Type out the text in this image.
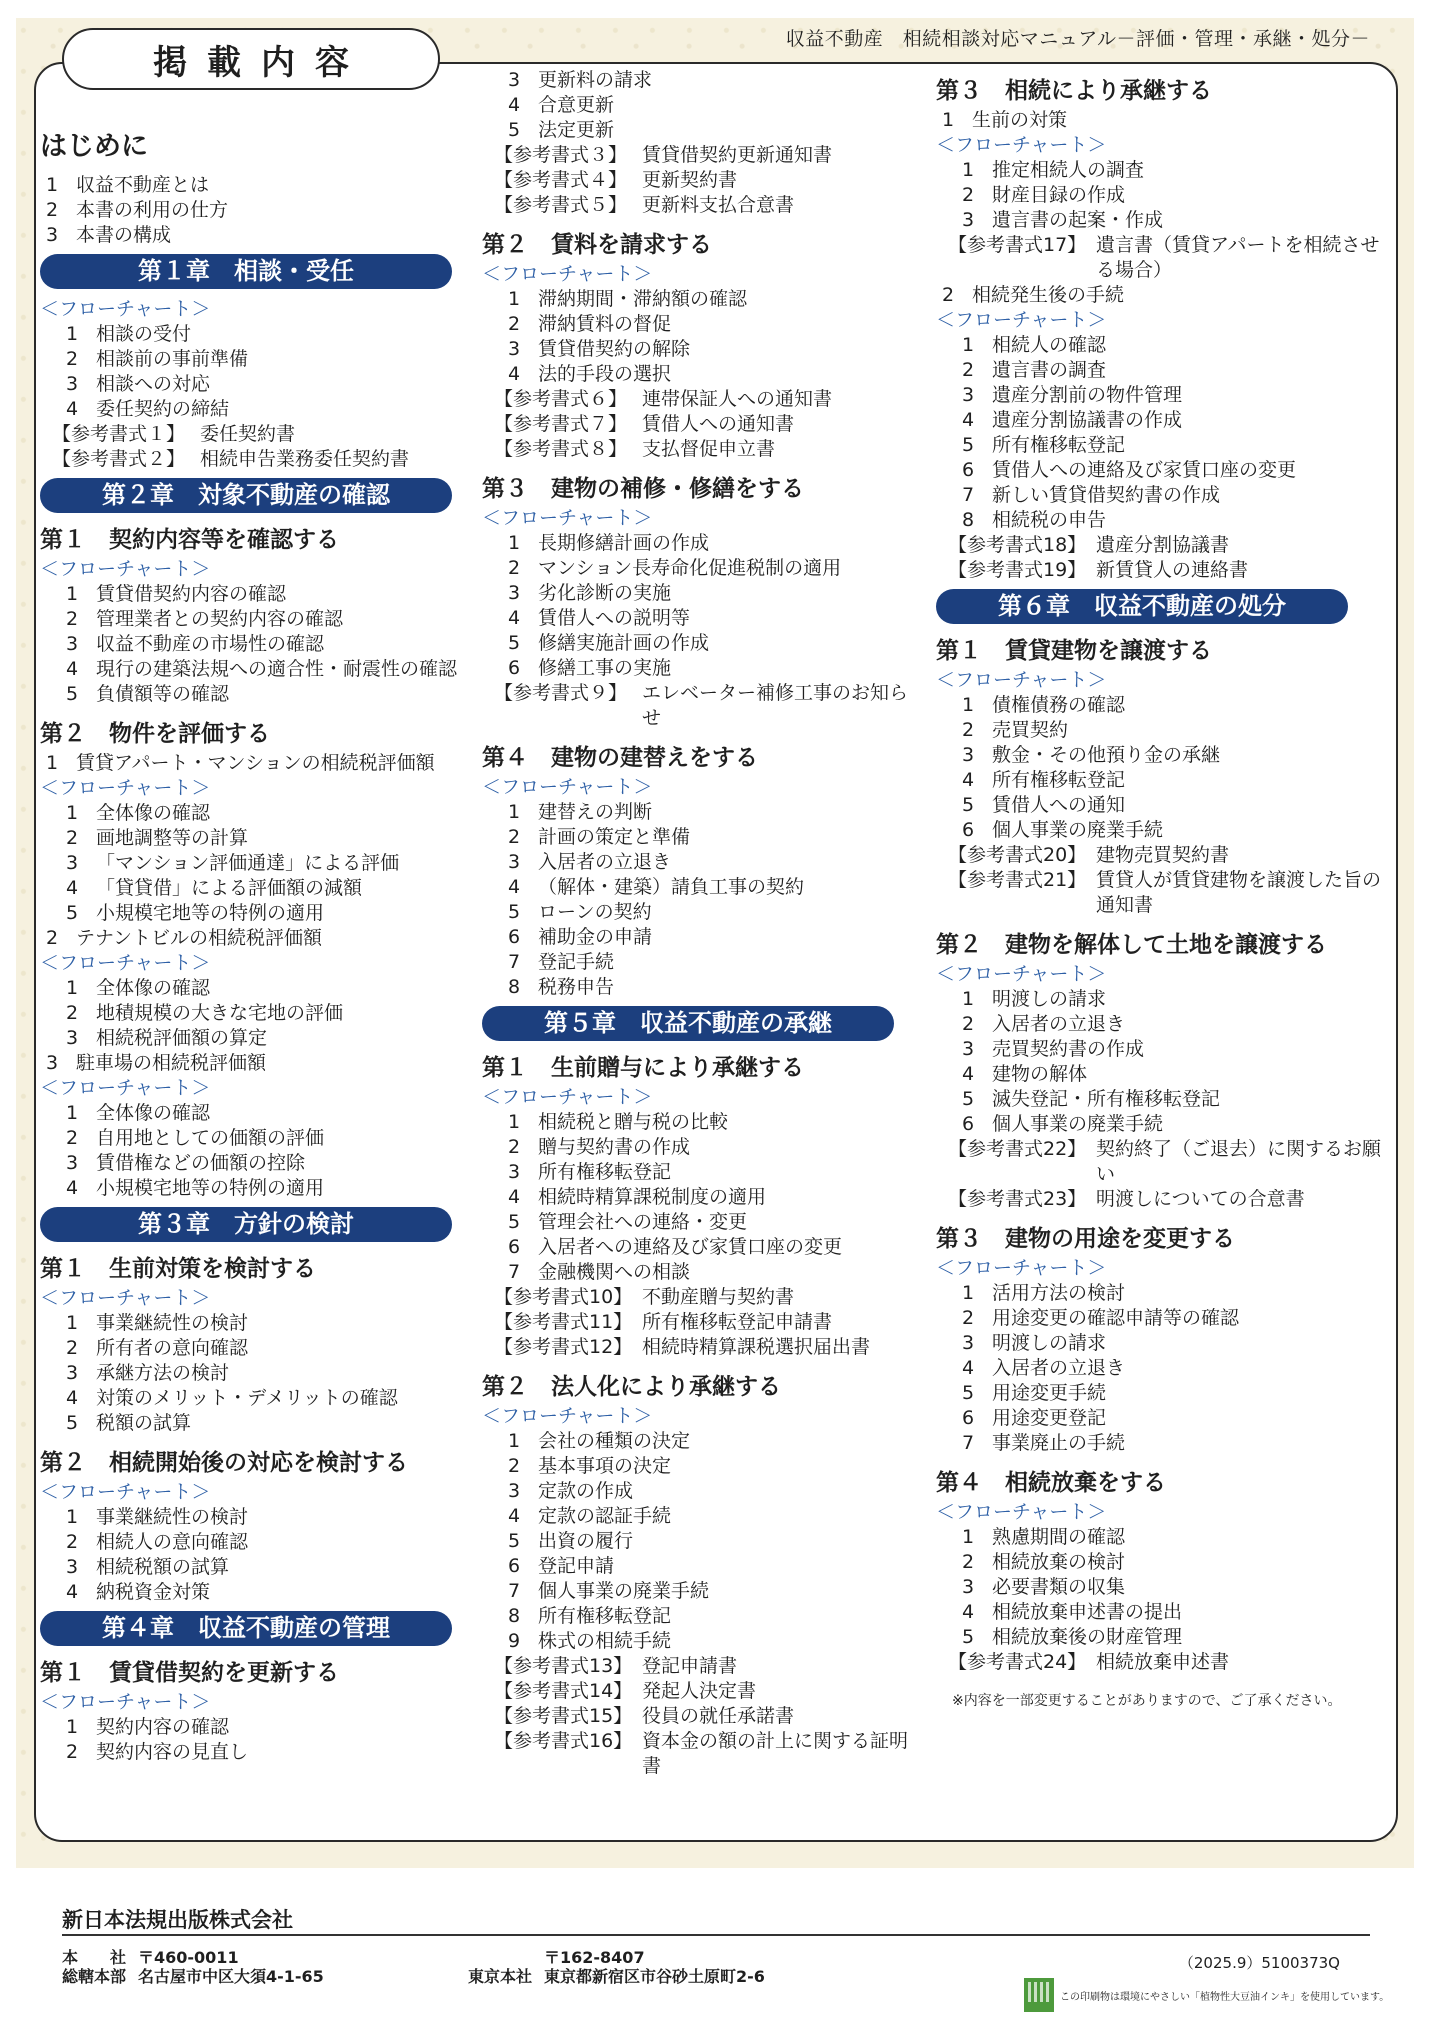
収益不動産　相続相談対応マニュアル－評価・管理・承継・処分－
掲載内容
はじめに
1 収益不動産とは
2 本書の利用の仕方
3 本書の構成
第１章　相談・受任
＜フローチャート＞
1 相談の受付
2 相談前の事前準備
3 相談への対応
4 委任契約の締結
【参考書式１】 委任契約書
【参考書式２】 相続申告業務委任契約書
第２章　対象不動産の確認
第１　契約内容等を確認する
＜フローチャート＞
1 賃貸借契約内容の確認
2 管理業者との契約内容の確認
3 収益不動産の市場性の確認
4 現行の建築法規への適合性・耐震性の確認
5 負債額等の確認
第２　物件を評価する
1 賃貸アパート・マンションの相続税評価額
＜フローチャート＞
1 全体像の確認
2 画地調整等の計算
3 「マンション評価通達」による評価
4 「貸貸借」による評価額の減額
5 小規模宅地等の特例の適用
2 テナントビルの相続税評価額
＜フローチャート＞
1 全体像の確認
2 地積規模の大きな宅地の評価
3 相続税評価額の算定
3 駐車場の相続税評価額
＜フローチャート＞
1 全体像の確認
2 自用地としての価額の評価
3 賃借権などの価額の控除
4 小規模宅地等の特例の適用
第３章　方針の検討
第１　生前対策を検討する
＜フローチャート＞
1 事業継続性の検討
2 所有者の意向確認
3 承継方法の検討
4 対策のメリット・デメリットの確認
5 税額の試算
第２　相続開始後の対応を検討する
＜フローチャート＞
1 事業継続性の検討
2 相続人の意向確認
3 相続税額の試算
4 納税資金対策
第４章　収益不動産の管理
第１　賃貸借契約を更新する
＜フローチャート＞
1 契約内容の確認
2 契約内容の見直し
3 更新料の請求
4 合意更新
5 法定更新
【参考書式３】 賃貸借契約更新通知書
【参考書式４】 更新契約書
【参考書式５】 更新料支払合意書
第２　賃料を請求する
＜フローチャート＞
1 滞納期間・滞納額の確認
2 滞納賃料の督促
3 賃貸借契約の解除
4 法的手段の選択
【参考書式６】 連帯保証人への通知書
【参考書式７】 賃借人への通知書
【参考書式８】 支払督促申立書
第３　建物の補修・修繕をする
＜フローチャート＞
1 長期修繕計画の作成
2 マンション長寿命化促進税制の適用
3 劣化診断の実施
4 賃借人への説明等
5 修繕実施計画の作成
6 修繕工事の実施
【参考書式９】 エレベーター補修工事のお知らせ
第４　建物の建替えをする
＜フローチャート＞
1 建替えの判断
2 計画の策定と準備
3 入居者の立退き
4 （解体・建築）請負工事の契約
5 ローンの契約
6 補助金の申請
7 登記手続
8 税務申告
第５章　収益不動産の承継
第１　生前贈与により承継する
＜フローチャート＞
1 相続税と贈与税の比較
2 贈与契約書の作成
3 所有権移転登記
4 相続時精算課税制度の適用
5 管理会社への連絡・変更
6 入居者への連絡及び家賃口座の変更
7 金融機関への相談
【参考書式10】 不動産贈与契約書
【参考書式11】 所有権移転登記申請書
【参考書式12】 相続時精算課税選択届出書
第２　法人化により承継する
＜フローチャート＞
1 会社の種類の決定
2 基本事項の決定
3 定款の作成
4 定款の認証手続
5 出資の履行
6 登記申請
7 個人事業の廃業手続
8 所有権移転登記
9 株式の相続手続
【参考書式13】 登記申請書
【参考書式14】 発起人決定書
【参考書式15】 役員の就任承諾書
【参考書式16】 資本金の額の計上に関する証明書
第３　相続により承継する
1 生前の対策
＜フローチャート＞
1 推定相続人の調査
2 財産目録の作成
3 遺言書の起案・作成
【参考書式17】 遺言書（賃貸アパートを相続させる場合）
2 相続発生後の手続
＜フローチャート＞
1 相続人の確認
2 遺言書の調査
3 遺産分割前の物件管理
4 遺産分割協議書の作成
5 所有権移転登記
6 賃借人への連絡及び家賃口座の変更
7 新しい賃貸借契約書の作成
8 相続税の申告
【参考書式18】 遺産分割協議書
【参考書式19】 新賃貸人の連絡書
第６章　収益不動産の処分
第１　賃貸建物を譲渡する
＜フローチャート＞
1 債権債務の確認
2 売買契約
3 敷金・その他預り金の承継
4 所有権移転登記
5 賃借人への通知
6 個人事業の廃業手続
【参考書式20】 建物売買契約書
【参考書式21】 賃貸人が賃貸建物を譲渡した旨の通知書
第２　建物を解体して土地を譲渡する
＜フローチャート＞
1 明渡しの請求
2 入居者の立退き
3 売買契約書の作成
4 建物の解体
5 滅失登記・所有権移転登記
6 個人事業の廃業手続
【参考書式22】 契約終了（ご退去）に関するお願い
【参考書式23】 明渡しについての合意書
第３　建物の用途を変更する
＜フローチャート＞
1 活用方法の検討
2 用途変更の確認申請等の確認
3 明渡しの請求
4 入居者の立退き
5 用途変更手続
6 用途変更登記
7 事業廃止の手続
第４　相続放棄をする
＜フローチャート＞
1 熟慮期間の確認
2 相続放棄の検討
3 必要書類の収集
4 相続放棄申述書の提出
5 相続放棄後の財産管理
【参考書式24】 相続放棄申述書
※内容を一部変更することがありますので、ご了承ください。
新日本法規出版株式会社
本　　社 〒460-0011
総轄本部 名古屋市中区大須4-1-65
〒162-8407
東京本社 東京都新宿区市谷砂土原町2-6
（2025.9）5100373Q
この印刷物は環境にやさしい「植物性大豆油インキ」を使用しています。
